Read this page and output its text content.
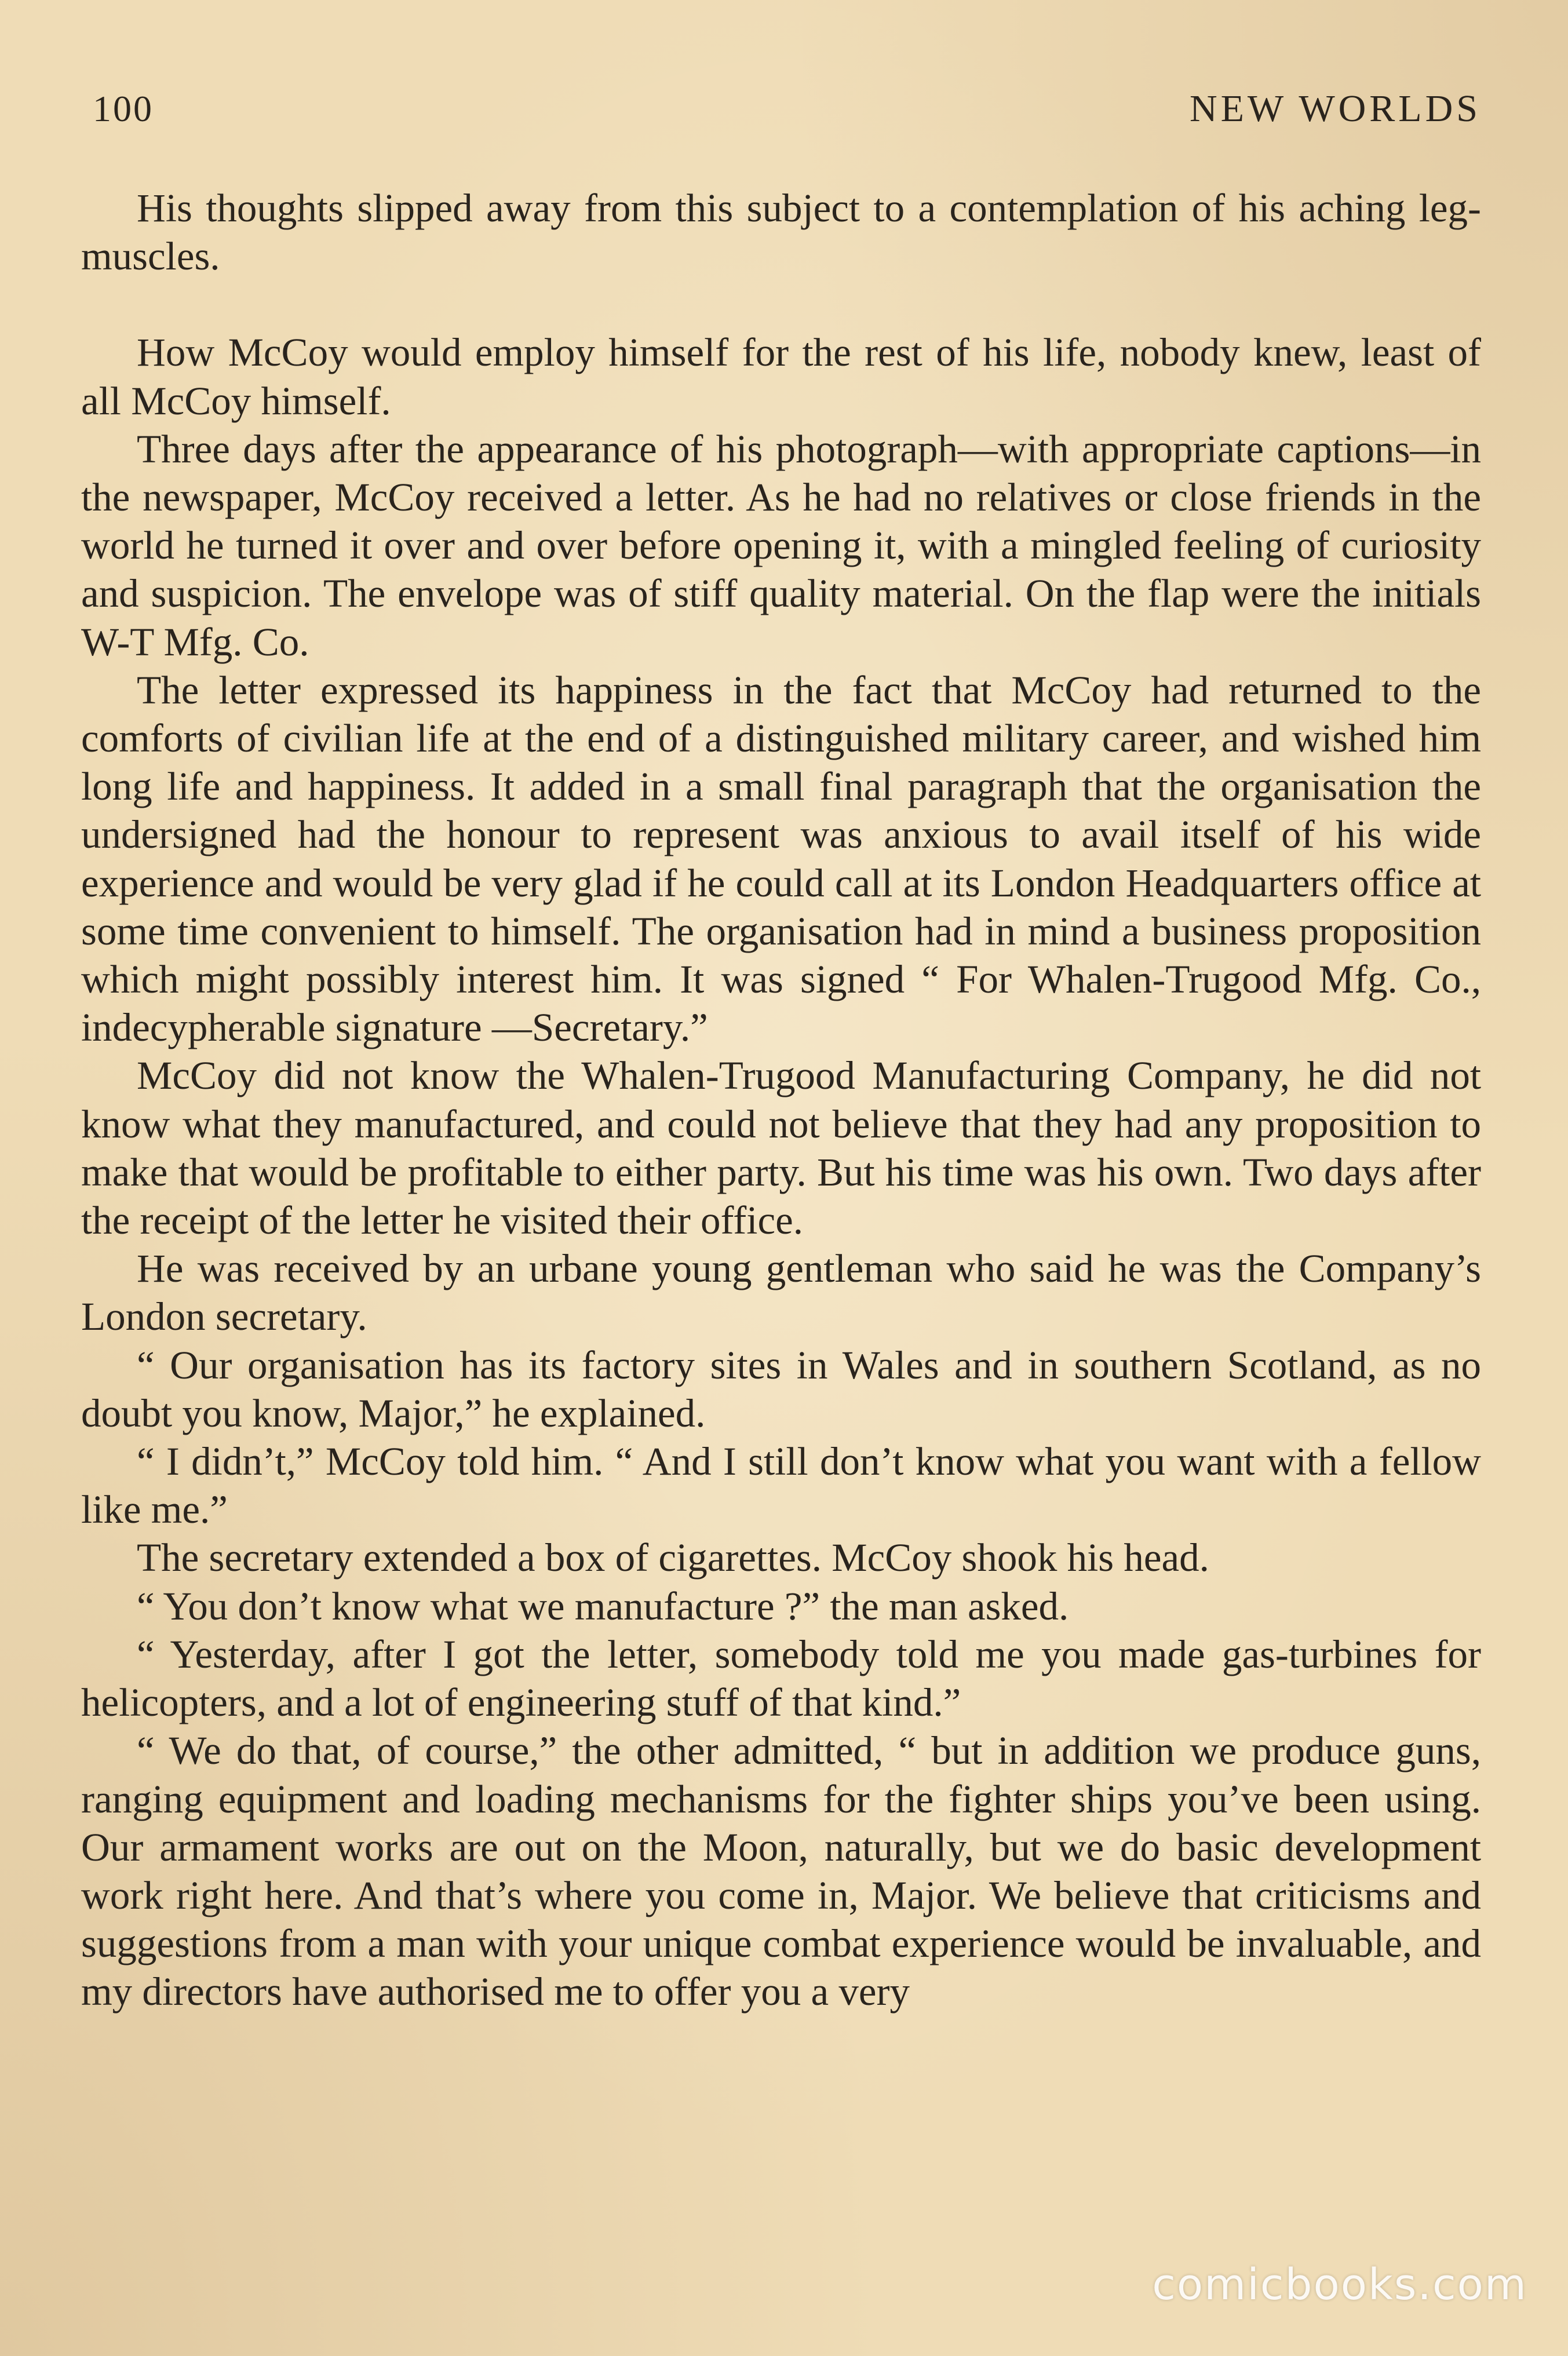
100	NEW WORLDS

His thoughts slipped away from this subject to a contemplation of his aching leg-muscles.

How McCoy would employ himself for the rest of his life, nobody knew, least of all McCoy himself.

Three days after the appearance of his photograph—with appropriate captions—in the newspaper, McCoy received a letter. As he had no relatives or close friends in the world he turned it over and over before opening it, with a mingled feeling of curiosity and suspicion. The envelope was of stiff quality material. On the flap were the initials W-T Mfg. Co.

The letter expressed its happiness in the fact that McCoy had returned to the comforts of civilian life at the end of a distinguished military career, and wished him long life and happiness. It added in a small final paragraph that the organisation the undersigned had the honour to represent was anxious to avail itself of his wide experience and would be very glad if he could call at its London Headquarters office at some time convenient to himself. The organisation had in mind a business proposition which might possibly interest him. It was signed “ For Whalen-Trugood Mfg. Co., indecypherable signature —Secretary.”

McCoy did not know the Whalen-Trugood Manufacturing Company, he did not know what they manufactured, and could not believe that they had any proposition to make that would be profitable to either party. But his time was his own. Two days after the receipt of the letter he visited their office.

He was received by an urbane young gentleman who said he was the Company’s London secretary.

“ Our organisation has its factory sites in Wales and in southern Scotland, as no doubt you know, Major,” he explained.

“ I didn’t,” McCoy told him. “ And I still don’t know what you want with a fellow like me.”

The secretary extended a box of cigarettes. McCoy shook his head.

“ You don’t know what we manufacture ?” the man asked.

“ Yesterday, after I got the letter, somebody told me you made gas-turbines for helicopters, and a lot of engineering stuff of that kind.”

“ We do that, of course,” the other admitted, “ but in addition we produce guns, ranging equipment and loading mechanisms for the fighter ships you’ve been using. Our armament works are out on the Moon, naturally, but we do basic development work right here. And that’s where you come in, Major. We believe that criticisms and suggestions from a man with your unique combat experience would be invaluable, and my directors have authorised me to offer you a very

comicbooks.com
